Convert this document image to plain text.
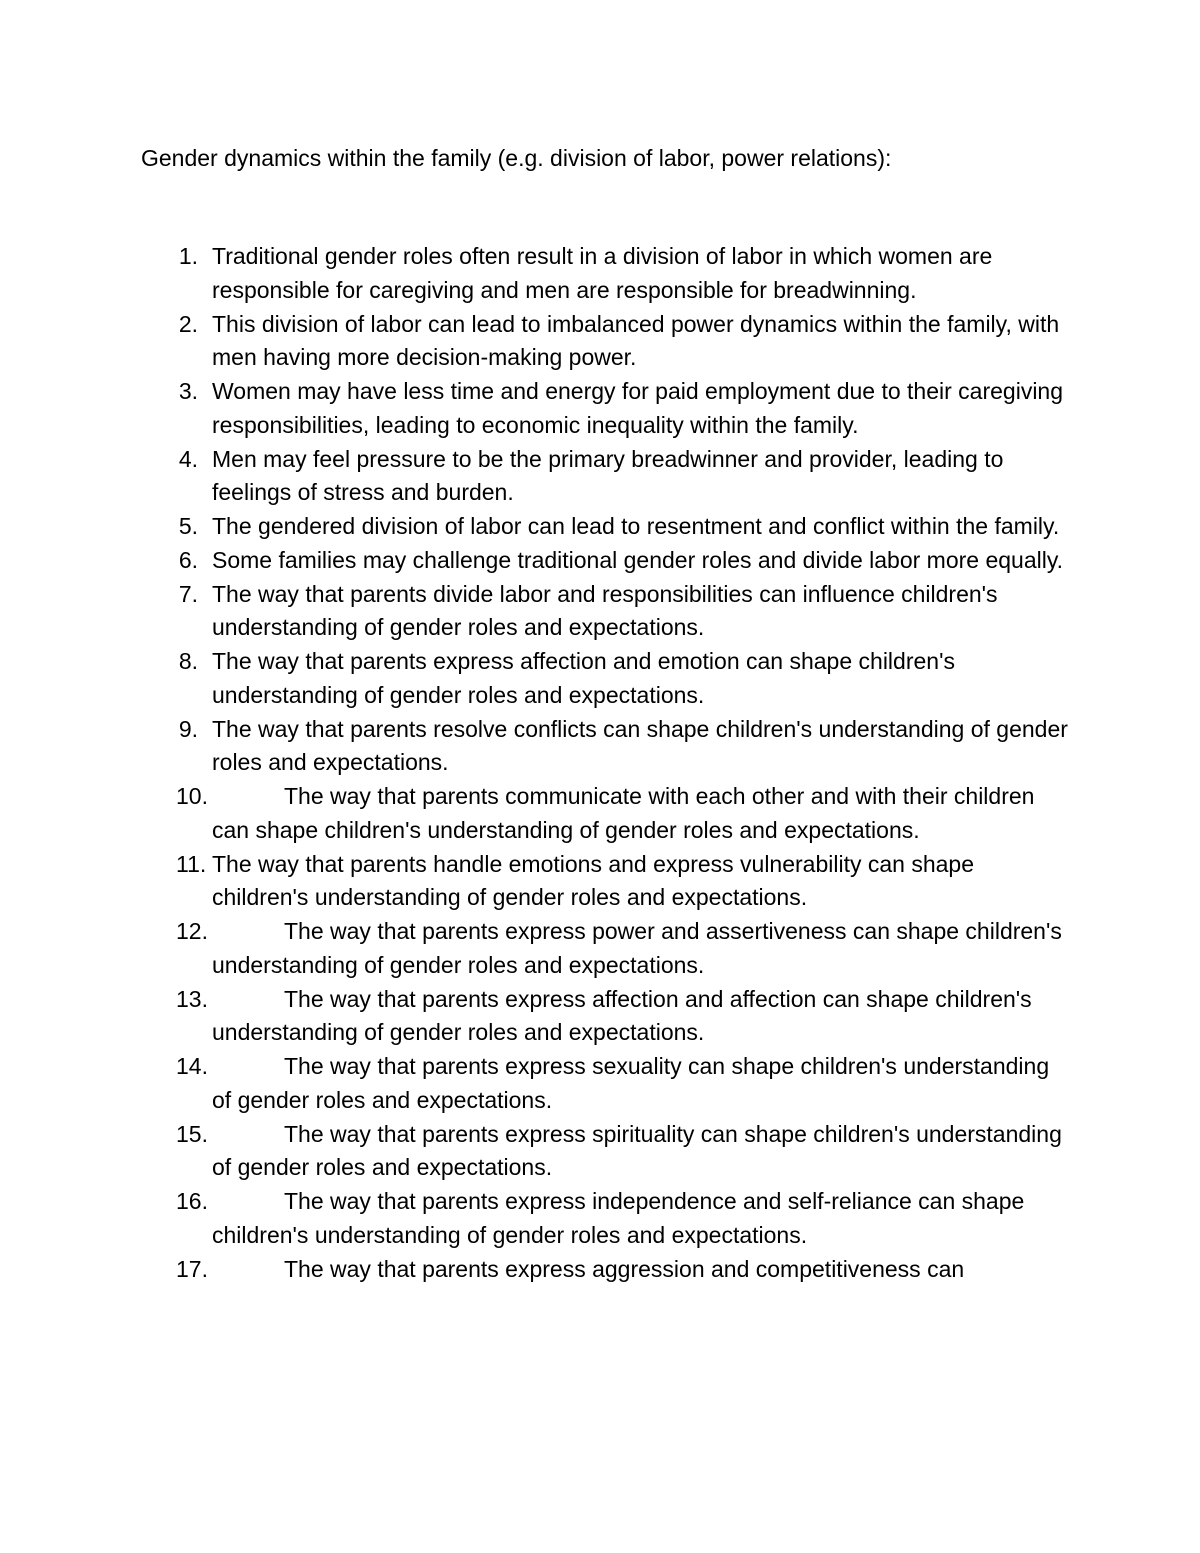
Gender dynamics within the family (e.g. division of labor, power relations):
1. Traditional gender roles often result in a division of labor in which women are responsible for caregiving and men are responsible for breadwinning.
2. This division of labor can lead to imbalanced power dynamics within the family, with men having more decision-making power.
3. Women may have less time and energy for paid employment due to their caregiving responsibilities, leading to economic inequality within the family.
4. Men may feel pressure to be the primary breadwinner and provider, leading to feelings of stress and burden.
5. The gendered division of labor can lead to resentment and conflict within the family.
6. Some families may challenge traditional gender roles and divide labor more equally.
7. The way that parents divide labor and responsibilities can influence children's understanding of gender roles and expectations.
8. The way that parents express affection and emotion can shape children's understanding of gender roles and expectations.
9. The way that parents resolve conflicts can shape children's understanding of gender roles and expectations.
10.	The way that parents communicate with each other and with their children can shape children's understanding of gender roles and expectations.
11. The way that parents handle emotions and express vulnerability can shape children's understanding of gender roles and expectations.
12.	The way that parents express power and assertiveness can shape children's understanding of gender roles and expectations.
13.	The way that parents express affection and affection can shape children's understanding of gender roles and expectations.
14.	The way that parents express sexuality can shape children's understanding of gender roles and expectations.
15.	The way that parents express spirituality can shape children's understanding of gender roles and expectations.
16.	The way that parents express independence and self-reliance can shape children's understanding of gender roles and expectations.
17.	The way that parents express aggression and competitiveness can
